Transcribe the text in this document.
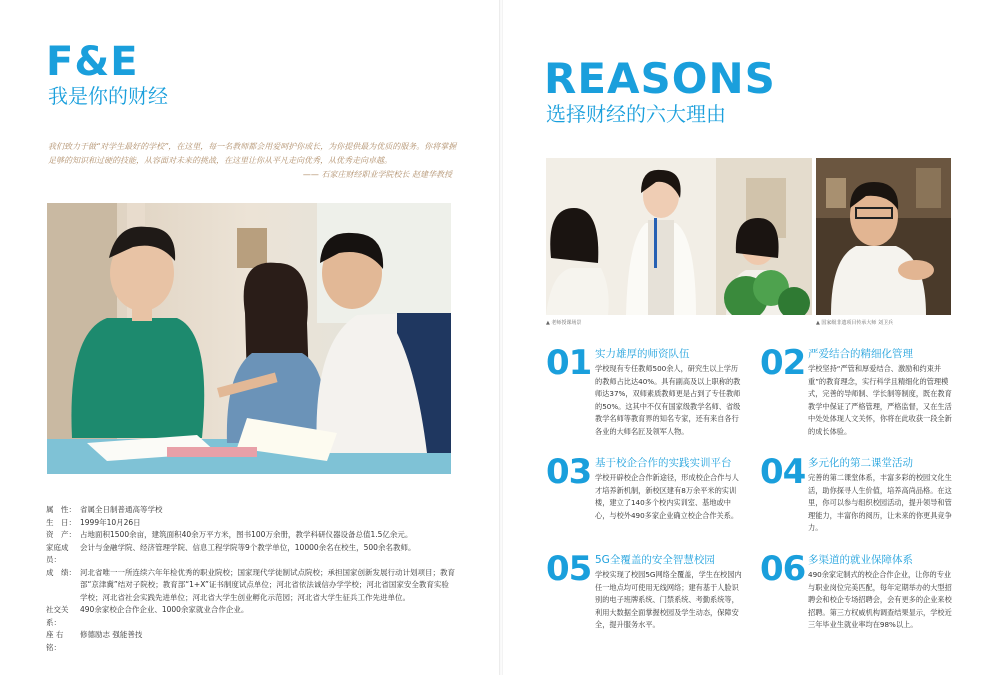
F&E
我是你的财经
我们致力于做“对学生最好的学校”，在这里，每一名教师都会用爱呵护你成长，为你提供最为优质的服务。你将掌握足够的知识和过硬的技能，从容面对未来的挑战，在这里让你从平凡走向优秀，从优秀走向卓越。
—— 石家庄财经职业学院校长 赵建华教授
属　性： 省属全日制普通高等学校
生　日： 1999年10月26日
资　产： 占地面积1500余亩，建筑面积40余万平方米，图书100万余册，教学科研仪器设备总值1.5亿余元。
家庭成员：
会计与金融学院、经济管理学院、信息工程学院等9个教学单位，10000余名在校生，500余名教师。
成　绩： 河北省唯一一所连续六年年检优秀的职业院校；国家现代学徒制试点院校；承担国家创新发展行动计划项目；教育部“京津冀”结对子院校；教育部“1+X”证书制度试点单位；河北省依法诚信办学学校；河北省国家安全教育实验学校；河北省社会实践先进单位；河北省大学生创业孵化示范园；河北省大学生征兵工作先进单位。
社交关系：
490余家校企合作企业、1000余家就业合作企业。
座 右 铭：
修德励志 强能善技
REASONS
选择财经的六大理由
▲ 老师授课场景	▲ 国家级非遗项目传承大师 刘卫兵
01 实力雄厚的师资队伍
学校现有专任教师500余人，研究生以上学历的教师占比达40%。具有副高及以上职称的教师达37%，双师素质教师更是占到了专任教师的50%。这其中不仅有国家级教学名师、省级教学名师等教育界的知名专家，还有来自各行各业的大师名匠及领军人物。
02 严爱结合的精细化管理
学校坚持“严管和厚爱结合、激励和约束并重”的教育理念，实行科学且精细化的管理模式，完善的导师制、学长制等制度，既在教育教学中保证了严格管理，严格监督，又在生活中处处体现人文关怀，你将在此收获一段全新的成长体验。
03 基于校企合作的实践实训平台
学校开辟校企合作新途径，形成校企合作与人才培养新机制，新校区建有8万余平米的实训楼，建立了140多个校内实训室、基地或中心，与校外490多家企业确立校企合作关系。
04 多元化的第二课堂活动
完善的第二课堂体系，丰富多彩的校园文化生活，助你探寻人生价值，培养高尚品格。在这里，你可以参与组织校园活动，提升领导和管理能力，丰富你的阅历，让未来的你更具竞争力。
05 5G全覆盖的安全智慧校园
学校实现了校园5G网络全覆盖，学生在校园内任一地点均可使用无线网络；建有基于人脸识别的电子班牌系统、门禁系统、考勤系统等，利用大数据全面掌握校园及学生动态，保障安全，提升服务水平。
06 多渠道的就业保障体系
490余家定制式的校企合作企业，让你的专业与职业岗位完美匹配，每年定期举办的大型招聘会和校企专场招聘会，会有更多的企业来校招聘。第三方权威机构调查结果显示，学校近三年毕业生就业率均在98%以上。
